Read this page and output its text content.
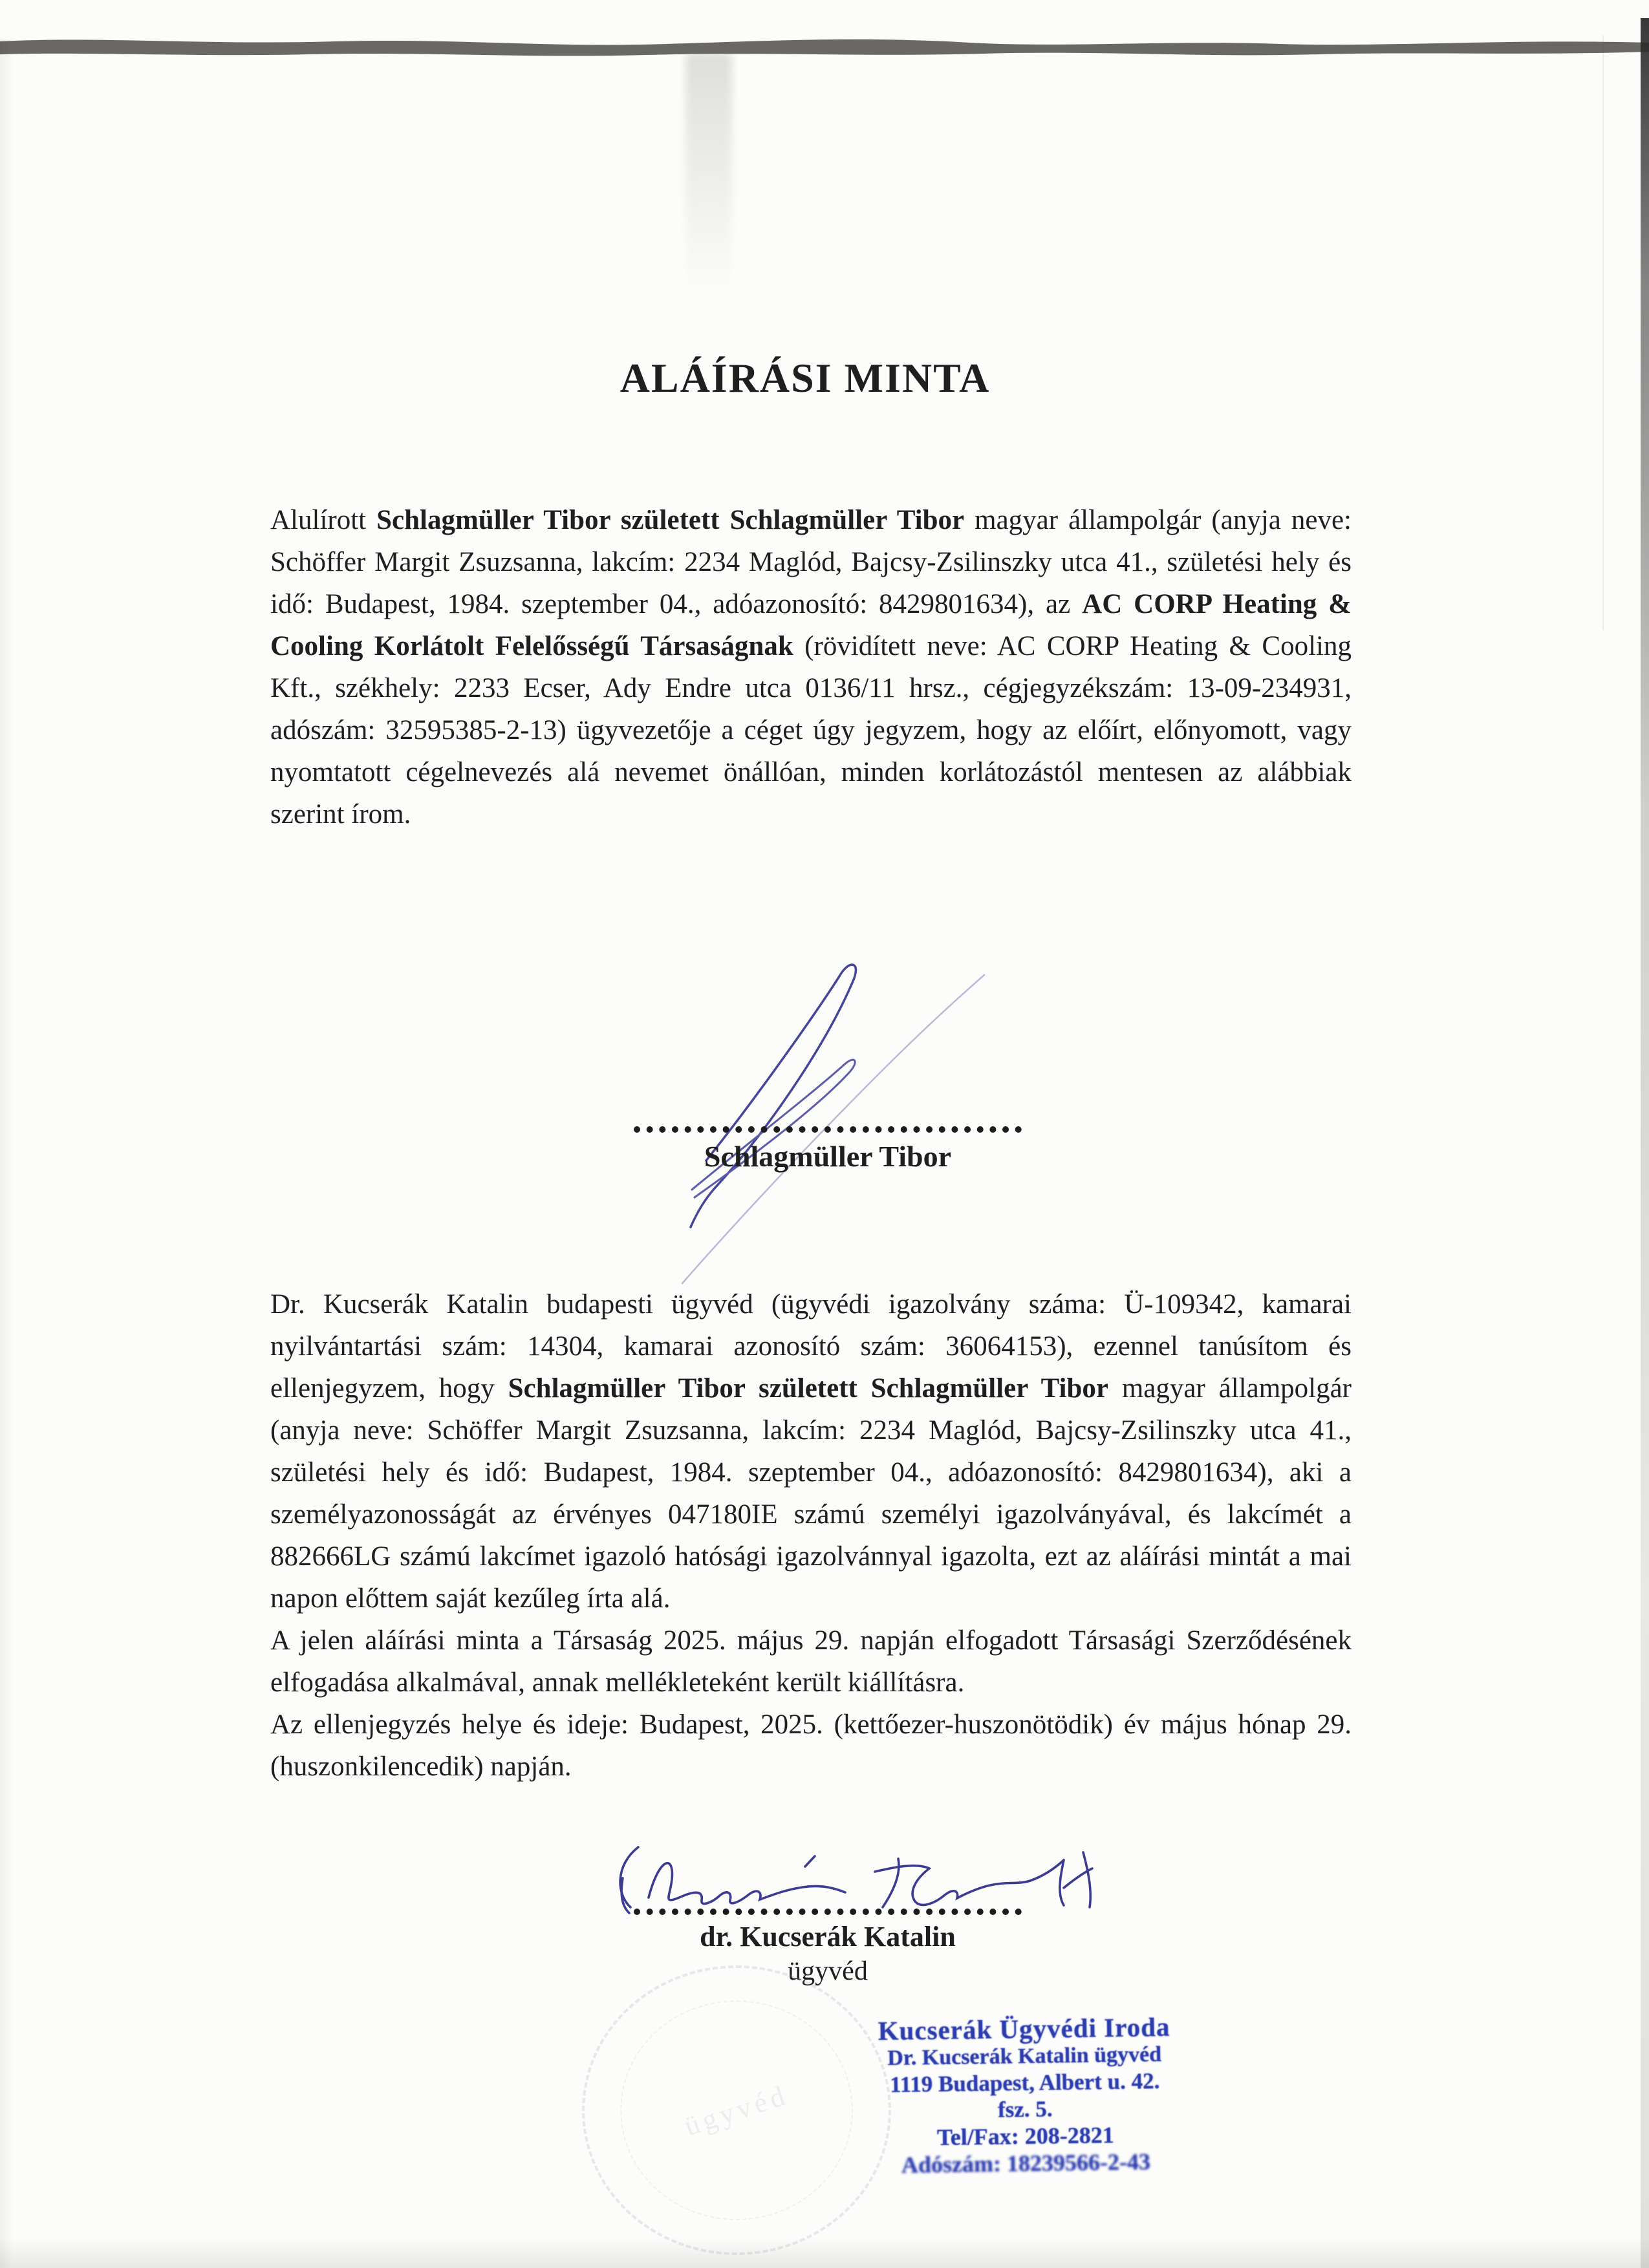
ALÁÍRÁSI MINTA

Alulírott Schlagmüller Tibor született Schlagmüller Tibor magyar állampolgár (anyja neve: Schöffer Margit Zsuzsanna, lakcím: 2234 Maglód, Bajcsy-Zsilinszky utca 41., születési hely és idő: Budapest, 1984. szeptember 04., adóazonosító: 8429801634), az AC CORP Heating & Cooling Korlátolt Felelősségű Társaságnak (rövidített neve: AC CORP Heating & Cooling Kft., székhely: 2233 Ecser, Ady Endre utca 0136/11 hrsz., cégjegyzékszám: 13-09-234931, adószám: 32595385-2-13) ügyvezetője a céget úgy jegyzem, hogy az előírt, előnyomott, vagy nyomtatott cégelnevezés alá nevemet önállóan, minden korlátozástól mentesen az alábbiak szerint írom.

Schlagmüller Tibor

Dr. Kucserák Katalin budapesti ügyvéd (ügyvédi igazolvány száma: Ü-109342, kamarai nyilvántartási szám: 14304, kamarai azonosító szám: 36064153), ezennel tanúsítom és ellenjegyzem, hogy Schlagmüller Tibor született Schlagmüller Tibor magyar állampolgár (anyja neve: Schöffer Margit Zsuzsanna, lakcím: 2234 Maglód, Bajcsy-Zsilinszky utca 41., születési hely és idő: Budapest, 1984. szeptember 04., adóazonosító: 8429801634), aki a személyazonosságát az érvényes 047180IE számú személyi igazolványával, és lakcímét a 882666LG számú lakcímet igazoló hatósági igazolvánnyal igazolta, ezt az aláírási mintát a mai napon előttem saját kezűleg írta alá.

A jelen aláírási minta a Társaság 2025. május 29. napján elfogadott Társasági Szerződésének elfogadása alkalmával, annak mellékleteként került kiállításra.

Az ellenjegyzés helye és ideje: Budapest, 2025. (kettőezer-huszonötödik) év május hónap 29. (huszonkilencedik) napján.

dr. Kucserák Katalin
ügyvéd
Kucserák Ügyvédi Iroda
Dr. Kucserák Katalin ügyvéd
1119 Budapest, Albert u. 42. fsz. 5.
Tel/Fax: 208-2821
Adószám: 18239566-2-43
ügyvéd
